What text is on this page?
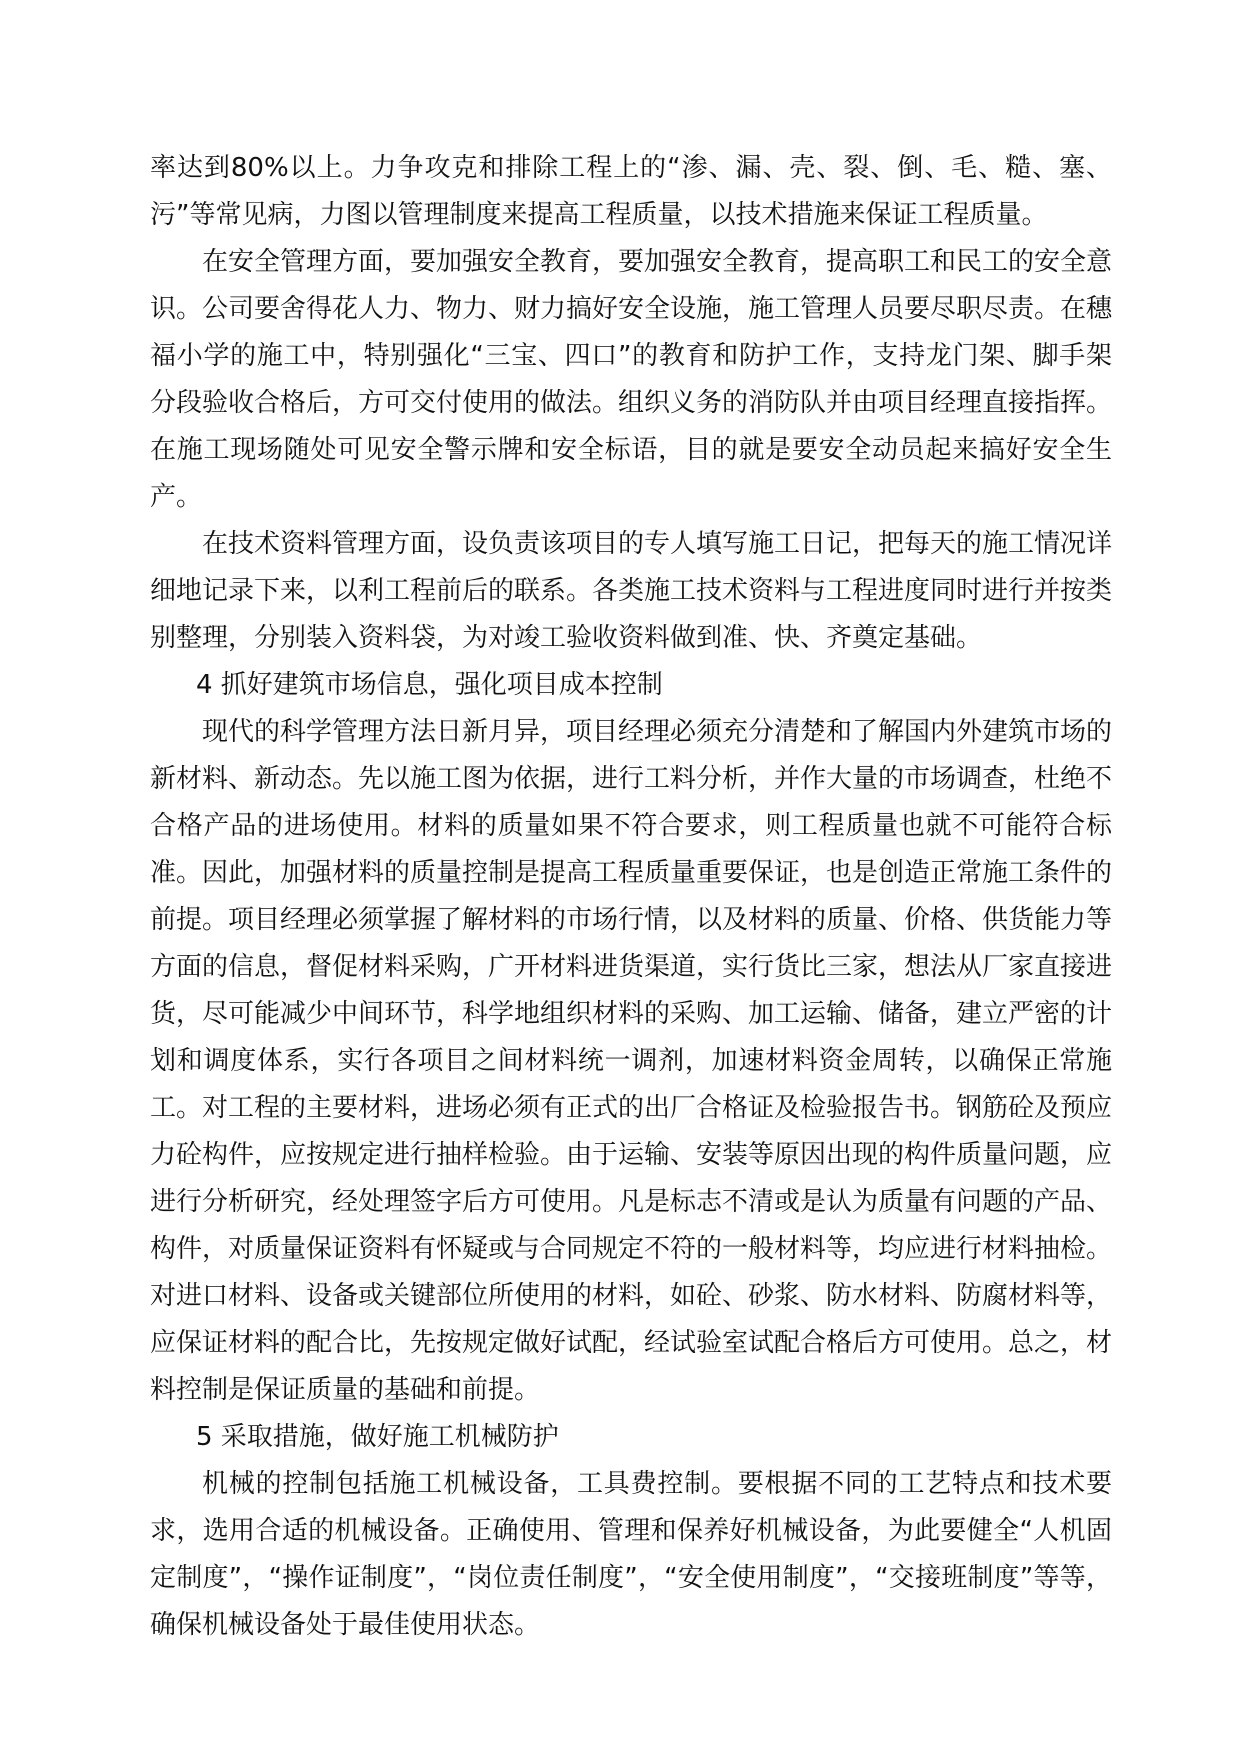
率达到80%以上。力争攻克和排除工程上的“渗、漏、壳、裂、倒、毛、糙、塞、污”等常见病，力图以管理制度来提高工程质量，以技术措施来保证工程质量。

在安全管理方面，要加强安全教育，要加强安全教育，提高职工和民工的安全意识。公司要舍得花人力、物力、财力搞好安全设施，施工管理人员要尽职尽责。在穗福小学的施工中，特别强化“三宝、四口”的教育和防护工作，支持龙门架、脚手架分段验收合格后，方可交付使用的做法。组织义务的消防队并由项目经理直接指挥。在施工现场随处可见安全警示牌和安全标语，目的就是要安全动员起来搞好安全生产。

在技术资料管理方面，设负责该项目的专人填写施工日记，把每天的施工情况详细地记录下来，以利工程前后的联系。各类施工技术资料与工程进度同时进行并按类别整理，分别装入资料袋，为对竣工验收资料做到准、快、齐奠定基础。

4 抓好建筑市场信息，强化项目成本控制

现代的科学管理方法日新月异，项目经理必须充分清楚和了解国内外建筑市场的新材料、新动态。先以施工图为依据，进行工料分析，并作大量的市场调查，杜绝不合格产品的进场使用。材料的质量如果不符合要求，则工程质量也就不可能符合标准。因此，加强材料的质量控制是提高工程质量重要保证，也是创造正常施工条件的前提。项目经理必须掌握了解材料的市场行情，以及材料的质量、价格、供货能力等方面的信息，督促材料采购，广开材料进货渠道，实行货比三家，想法从厂家直接进货，尽可能减少中间环节，科学地组织材料的采购、加工运输、储备，建立严密的计划和调度体系，实行各项目之间材料统一调剂，加速材料资金周转，以确保正常施工。对工程的主要材料，进场必须有正式的出厂合格证及检验报告书。钢筋砼及预应力砼构件，应按规定进行抽样检验。由于运输、安装等原因出现的构件质量问题，应进行分析研究，经处理签字后方可使用。凡是标志不清或是认为质量有问题的产品、构件，对质量保证资料有怀疑或与合同规定不符的一般材料等，均应进行材料抽检。对进口材料、设备或关键部位所使用的材料，如砼、砂浆、防水材料、防腐材料等，应保证材料的配合比，先按规定做好试配，经试验室试配合格后方可使用。总之，材料控制是保证质量的基础和前提。

5 采取措施，做好施工机械防护

机械的控制包括施工机械设备，工具费控制。要根据不同的工艺特点和技术要求，选用合适的机械设备。正确使用、管理和保养好机械设备，为此要健全“人机固定制度”，“操作证制度”，“岗位责任制度”，“安全使用制度”，“交接班制度”等等，确保机械设备处于最佳使用状态。
